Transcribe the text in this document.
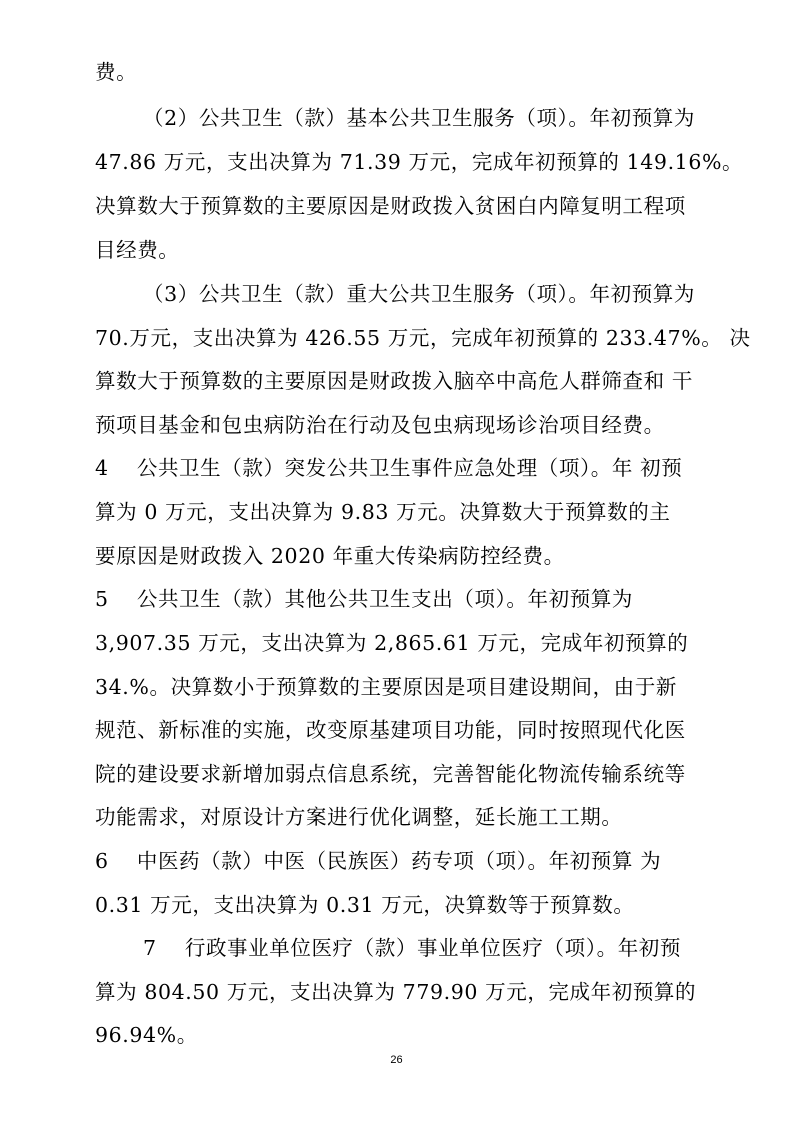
费。

（2）公共卫生（款）基本公共卫生服务（项）。年初预算为

47.86 万元，支出决算为 71.39 万元，完成年初预算的 149.16%。

决算数大于预算数的主要原因是财政拨入贫困白内障复明工程项

目经费。

（3）公共卫生（款）重大公共卫生服务（项）。年初预算为

70.万元，支出决算为 426.55 万元，完成年初预算的 233.47%。 决

算数大于预算数的主要原因是财政拨入脑卒中高危人群筛查和 干

预项目基金和包虫病防治在行动及包虫病现场诊治项目经费。

4　 公共卫生（款）突发公共卫生事件应急处理（项）。年 初预

算为 0 万元，支出决算为 9.83 万元。决算数大于预算数的主

要原因是财政拨入 2020 年重大传染病防控经费。

5　 公共卫生（款）其他公共卫生支出（项）。年初预算为

3,907.35 万元，支出决算为 2,865.61 万元，完成年初预算的

34.%。决算数小于预算数的主要原因是项目建设期间，由于新

规范、新标准的实施，改变原基建项目功能，同时按照现代化医

院的建设要求新增加弱点信息系统，完善智能化物流传输系统等

功能需求，对原设计方案进行优化调整，延长施工工期。

6　 中医药（款）中医（民族医）药专项（项）。年初预算 为

0.31 万元，支出决算为 0.31 万元，决算数等于预算数。

7　 行政事业单位医疗（款）事业单位医疗（项）。年初预

算为 804.50 万元，支出决算为 779.90 万元，完成年初预算的

96.94%。

26
